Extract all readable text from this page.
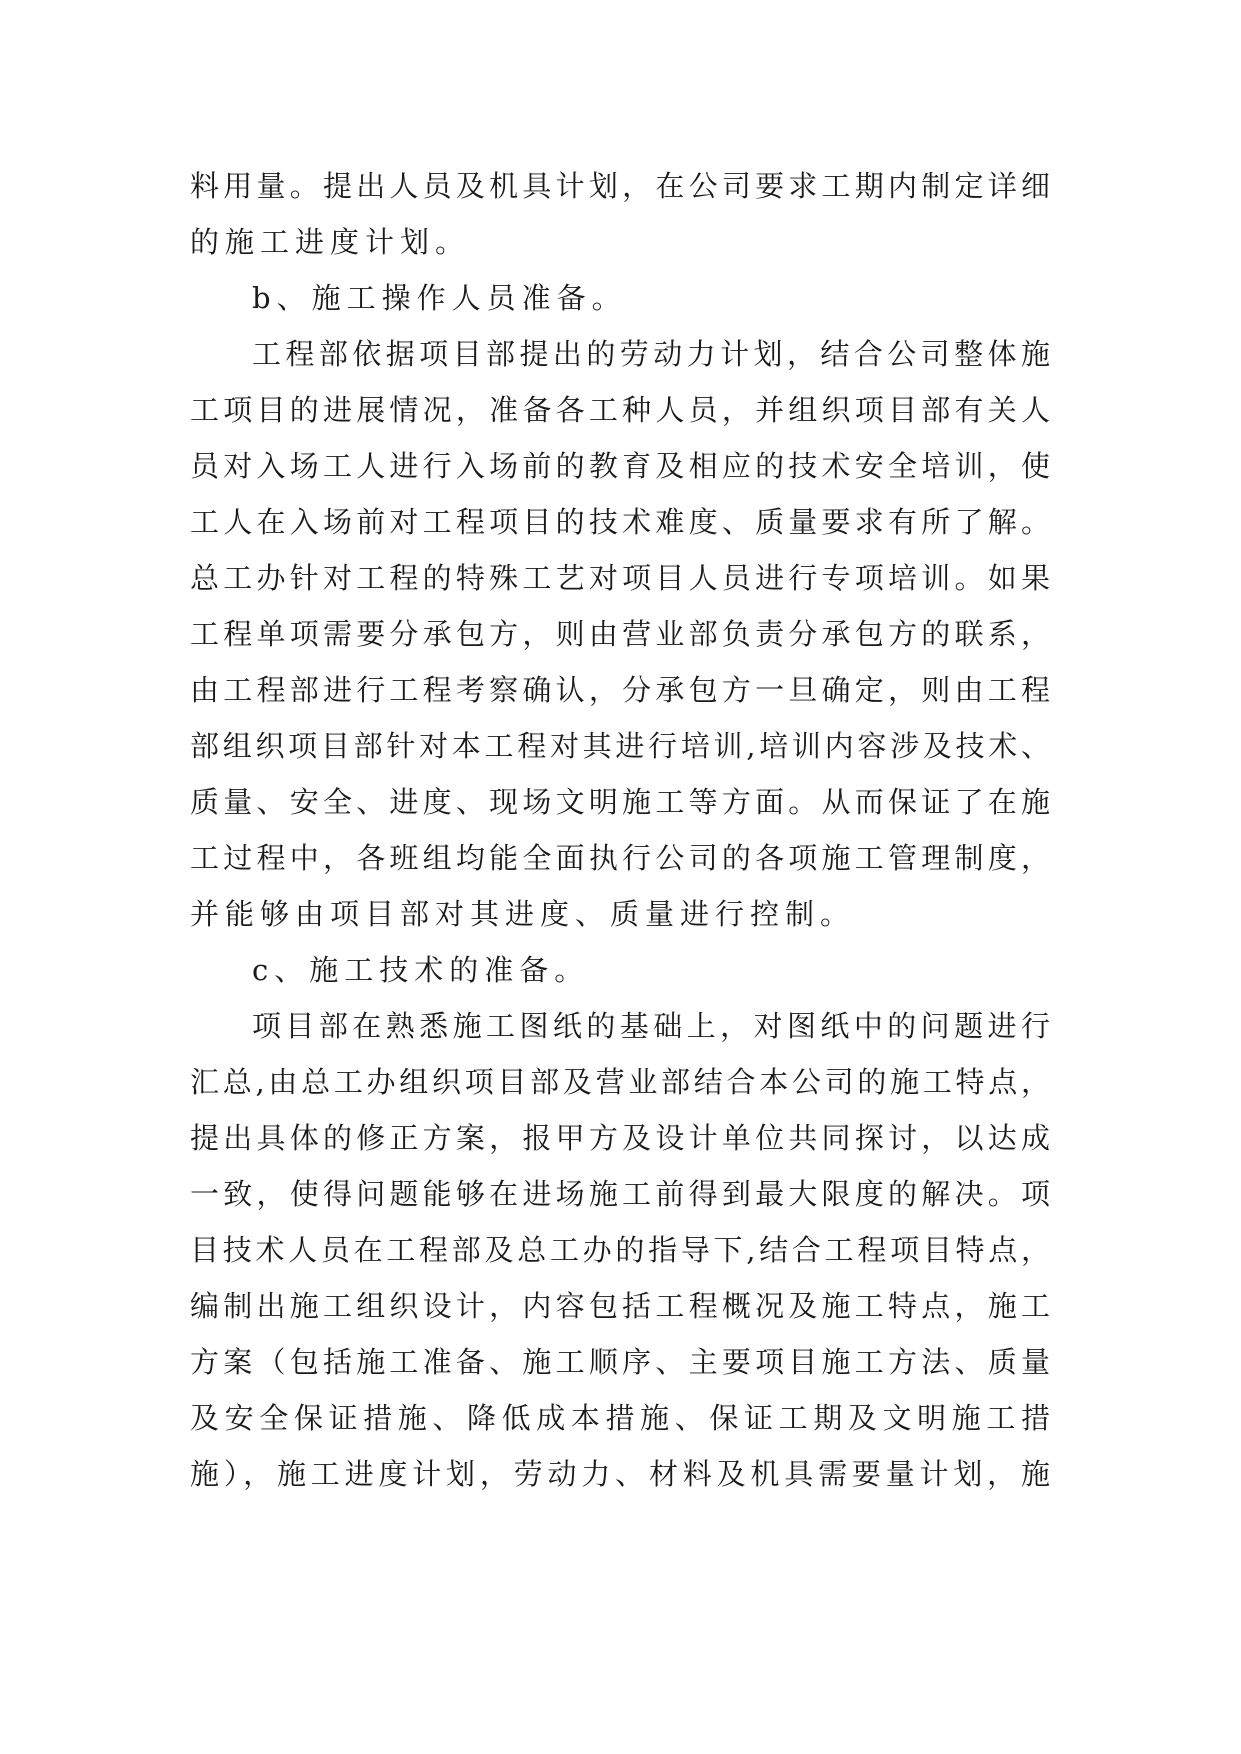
料用量。提出人员及机具计划，在公司要求工期内制定详细
的施工进度计划。
b、施工操作人员准备。
工程部依据项目部提出的劳动力计划，结合公司整体施
工项目的进展情况，准备各工种人员，并组织项目部有关人
员对入场工人进行入场前的教育及相应的技术安全培训，使
工人在入场前对工程项目的技术难度、质量要求有所了解。
总工办针对工程的特殊工艺对项目人员进行专项培训。如果
工程单项需要分承包方，则由营业部负责分承包方的联系，
由工程部进行工程考察确认，分承包方一旦确定，则由工程
部组织项目部针对本工程对其进行培训,培训内容涉及技术、
质量、安全、进度、现场文明施工等方面。从而保证了在施
工过程中，各班组均能全面执行公司的各项施工管理制度，
并能够由项目部对其进度、质量进行控制。
c、施工技术的准备。
项目部在熟悉施工图纸的基础上，对图纸中的问题进行
汇总,由总工办组织项目部及营业部结合本公司的施工特点，
提出具体的修正方案，报甲方及设计单位共同探讨，以达成
一致，使得问题能够在进场施工前得到最大限度的解决。项
目技术人员在工程部及总工办的指导下,结合工程项目特点，
编制出施工组织设计，内容包括工程概况及施工特点，施工
方案（包括施工准备、施工顺序、主要项目施工方法、质量
及安全保证措施、降低成本措施、保证工期及文明施工措
施），施工进度计划，劳动力、材料及机具需要量计划，施
